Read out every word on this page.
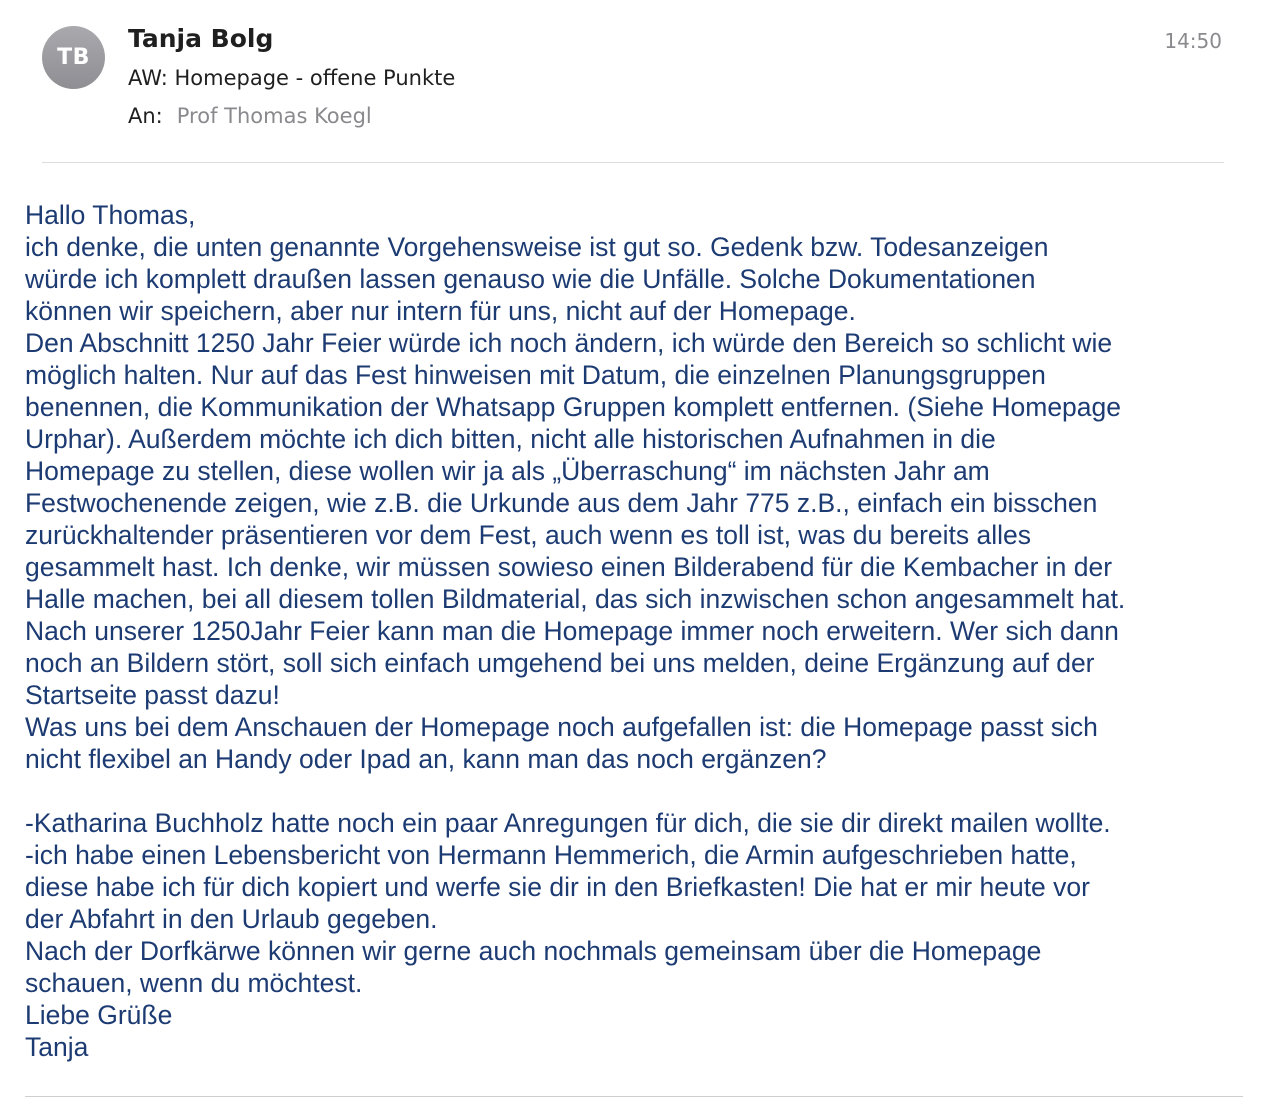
TB
Tanja Bolg
AW: Homepage - offene Punkte
An: Prof Thomas Koegl
14:50
Hallo Thomas,
ich denke, die unten genannte Vorgehensweise ist gut so. Gedenk bzw. Todesanzeigen
würde ich komplett draußen lassen genauso wie die Unfälle. Solche Dokumentationen
können wir speichern, aber nur intern für uns, nicht auf der Homepage.
Den Abschnitt 1250 Jahr Feier würde ich noch ändern, ich würde den Bereich so schlicht wie
möglich halten. Nur auf das Fest hinweisen mit Datum, die einzelnen Planungsgruppen
benennen, die Kommunikation der Whatsapp Gruppen komplett entfernen. (Siehe Homepage
Urphar). Außerdem möchte ich dich bitten, nicht alle historischen Aufnahmen in die
Homepage zu stellen, diese wollen wir ja als „Überraschung“ im nächsten Jahr am
Festwochenende zeigen, wie z.B. die Urkunde aus dem Jahr 775 z.B., einfach ein bisschen
zurückhaltender präsentieren vor dem Fest, auch wenn es toll ist, was du bereits alles
gesammelt hast. Ich denke, wir müssen sowieso einen Bilderabend für die Kembacher in der
Halle machen, bei all diesem tollen Bildmaterial, das sich inzwischen schon angesammelt hat.
Nach unserer 1250Jahr Feier kann man die Homepage immer noch erweitern. Wer sich dann
noch an Bildern stört, soll sich einfach umgehend bei uns melden, deine Ergänzung auf der
Startseite passt dazu!
Was uns bei dem Anschauen der Homepage noch aufgefallen ist: die Homepage passt sich
nicht flexibel an Handy oder Ipad an, kann man das noch ergänzen?

-Katharina Buchholz hatte noch ein paar Anregungen für dich, die sie dir direkt mailen wollte.
-ich habe einen Lebensbericht von Hermann Hemmerich, die Armin aufgeschrieben hatte,
diese habe ich für dich kopiert und werfe sie dir in den Briefkasten! Die hat er mir heute vor
der Abfahrt in den Urlaub gegeben.
Nach der Dorfkärwe können wir gerne auch nochmals gemeinsam über die Homepage
schauen, wenn du möchtest.
Liebe Grüße
Tanja
